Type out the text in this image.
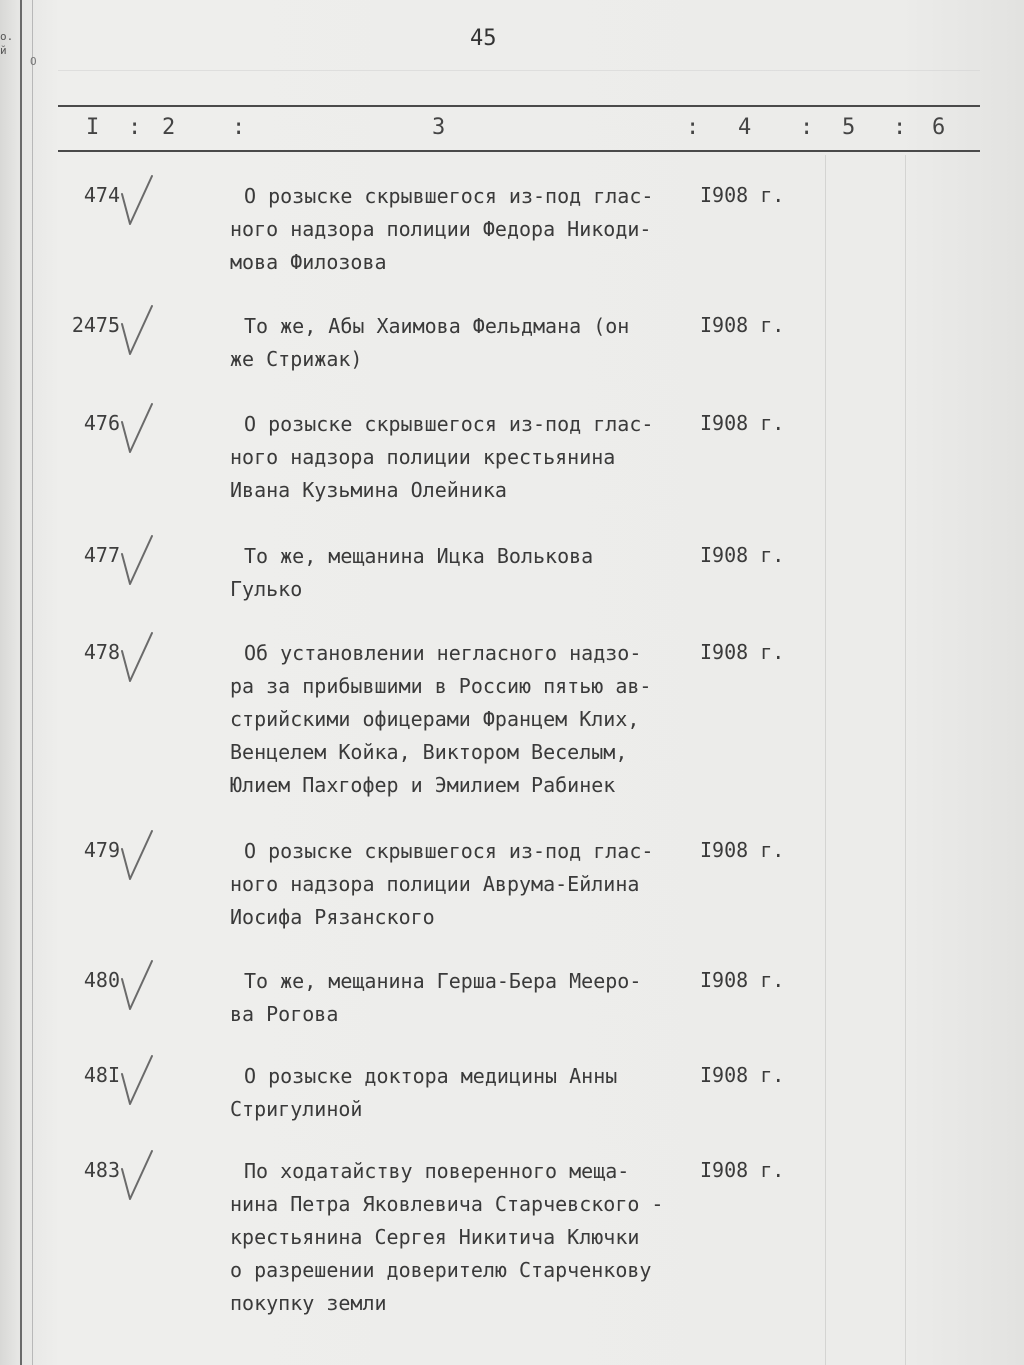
o.
й
О
45
I : 2	:	3	: 4 : 5 : 6
474	О розыске скрывшегося из-под глас-
ного надзора полиции Федора Никоди-
мова Филозова
I908 г.
2475	То же, Абы Хаимова Фельдмана (он
же Стрижак)
I908 г.
476	О розыске скрывшегося из-под глас-
ного надзора полиции крестьянина
Ивана Кузьмина Олейника
I908 г.
477	То же, мещанина Ицка Волькова
Гулько
I908 г.
478	Об установлении негласного надзо-
ра за прибывшими в Россию пятью ав-
стрийскими офицерами Францем Клих,
Венцелем Койка, Виктором Веселым,
Юлием Пахгофер и Эмилием Рабинек
I908 г.
479	О розыске скрывшегося из-под глас-
ного надзора полиции Аврума-Ейлина
Иосифа Рязанского
I908 г.
480	То же, мещанина Герша-Бера Мееро-
ва Рогова
I908 г.
48I	О розыске доктора медицины Анны
Стригулиной
I908 г.
483	По ходатайству поверенного меща-
нина Петра Яковлевича Старчевского -
крестьянина Сергея Никитича Ключки
о разрешении доверителю Старченкову
покупку земли
I908 г.
